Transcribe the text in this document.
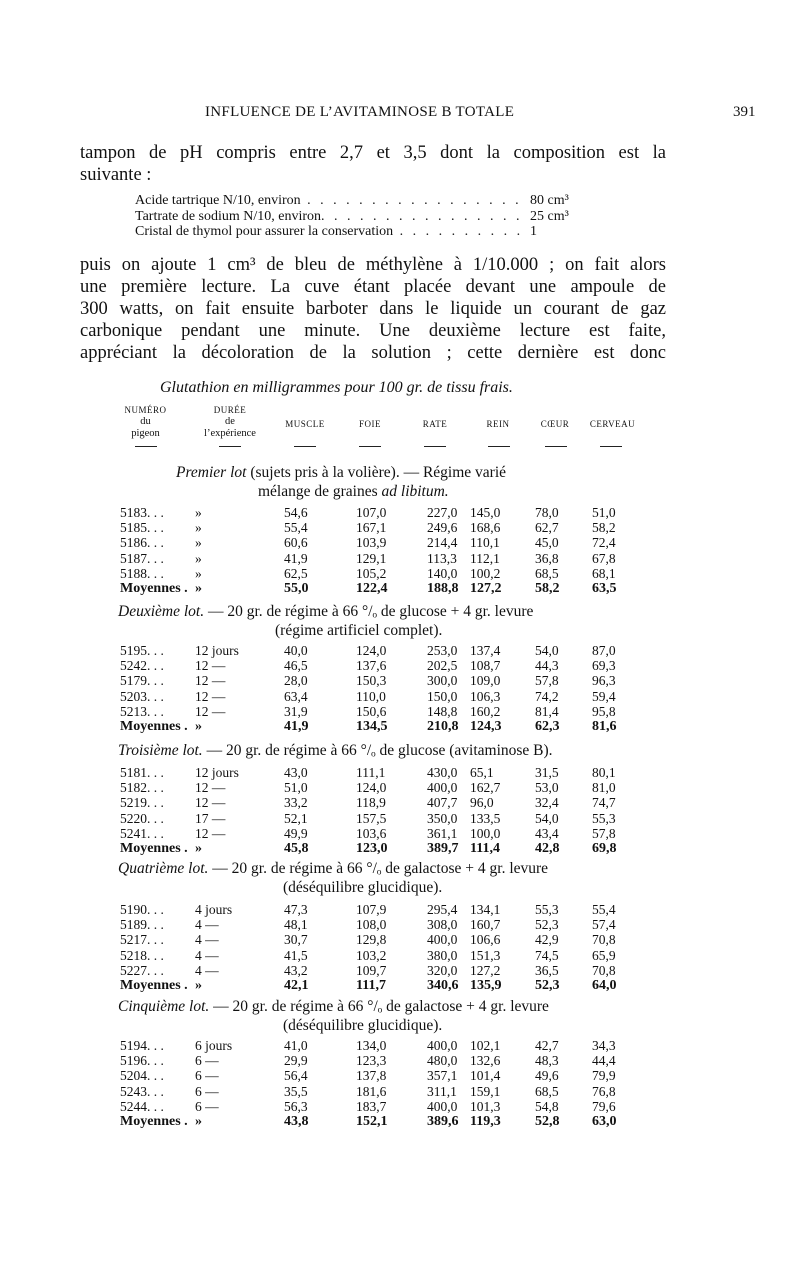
INFLUENCE DE L’AVITAMINOSE B TOTALE	391
tampon de pH compris entre 2,7 et 3,5 dont la composition est la
suivante :
Acide tartrique N/10, environ . . . . . . . . . . . . . . . . . 80 cm³
Tartrate de sodium N/10, environ . . . . . . . . . . . . . . . . 25 cm³
Cristal de thymol pour assurer la conservation . . . . . . . . . . 1
puis on ajoute 1 cm³ de bleu de méthylène à 1/10.000 ; on fait alors
une première lecture. La cuve étant placée devant une ampoule de
300 watts, on fait ensuite barboter dans le liquide un courant de gaz
carbonique pendant une minute. Une deuxième lecture est faite,
appréciant la décoloration de la solution ; cette dernière est donc
Glutathion en milligrammes pour 100 gr. de tissu frais.
NUMÉRO
du
pigeon
DURÉE
de
l’expérience
MUSCLE	FOIE	RATE	REIN	CŒUR	CERVEAU
Premier lot (sujets pris à la volière). — Régime varié
mélange de graines ad libitum.
5183. . . »	54,6	107,0	227,0 145,0	78,0 51,0
5185. . . »	55,4	167,1	249,6 168,6	62,7 58,2
5186. . . »	60,6	103,9	214,4 110,1	45,0 72,4
5187. . . »	41,9	129,1	113,3 112,1	36,8 67,8
5188. . . »	62,5	105,2	140,0 100,2	68,5 68,1
Moyennes . »	55,0	122,4	188,8 127,2 58,2 63,5
Deuxième lot. — 20 gr. de régime à 66 °/ₒ de glucose + 4 gr. levure
(régime artificiel complet).
5195. . . 12 jours	40,0	124,0	253,0 137,4	54,0 87,0
5242. . . 12 —	46,5	137,6	202,5 108,7	44,3 69,3
5179. . . 12 —	28,0	150,3	300,0 109,0	57,8 96,3
5203. . . 12 —	63,4	110,0	150,0 106,3	74,2 59,4
5213. . . 12 —	31,9	150,6	148,8 160,2	81,4 95,8
Moyennes . »	41,9	134,5	210,8 124,3 62,3 81,6
Troisième lot. — 20 gr. de régime à 66 °/ₒ de glucose (avitaminose B).
5181. . . 12 jours	43,0	111,1	430,0 65,1	31,5 80,1
5182. . . 12 —	51,0	124,0	400,0 162,7	53,0 81,0
5219. . . 12 —	33,2	118,9	407,7 96,0	32,4 74,7
5220. . . 17 —	52,1	157,5	350,0 133,5	54,0 55,3
5241. . . 12 —	49,9	103,6	361,1 100,0	43,4 57,8
Moyennes . »	45,8	123,0	389,7 111,4	42,8 69,8
Quatrième lot. — 20 gr. de régime à 66 °/ₒ de galactose + 4 gr. levure
(déséquilibre glucidique).
5190. . . 4 jours	47,3	107,9	295,4 134,1	55,3 55,4
5189. . . 4 —	48,1	108,0	308,0 160,7	52,3 57,4
5217. . . 4 —	30,7	129,8	400,0 106,6	42,9 70,8
5218. . . 4 —	41,5	103,2	380,0 151,3	74,5 65,9
5227. . . 4 —	43,2	109,7	320,0 127,2	36,5 70,8
Moyennes . »	42,1	111,7	340,6 135,9 52,3 64,0
Cinquième lot. — 20 gr. de régime à 66 °/ₒ de galactose + 4 gr. levure
(déséquilibre glucidique).
5194. . . 6 jours	41,0	134,0	400,0 102,1	42,7 34,3
5196. . . 6 —	29,9	123,3	480,0 132,6	48,3 44,4
5204. . . 6 —	56,4	137,8	357,1 101,4	49,6 79,9
5243. . . 6 —	35,5	181,6	311,1 159,1	68,5 76,8
5244. . . 6 —	56,3	183,7	400,0 101,3	54,8 79,6
Moyennes . »	43,8	152,1	389,6 119,3 52,8 63,0
